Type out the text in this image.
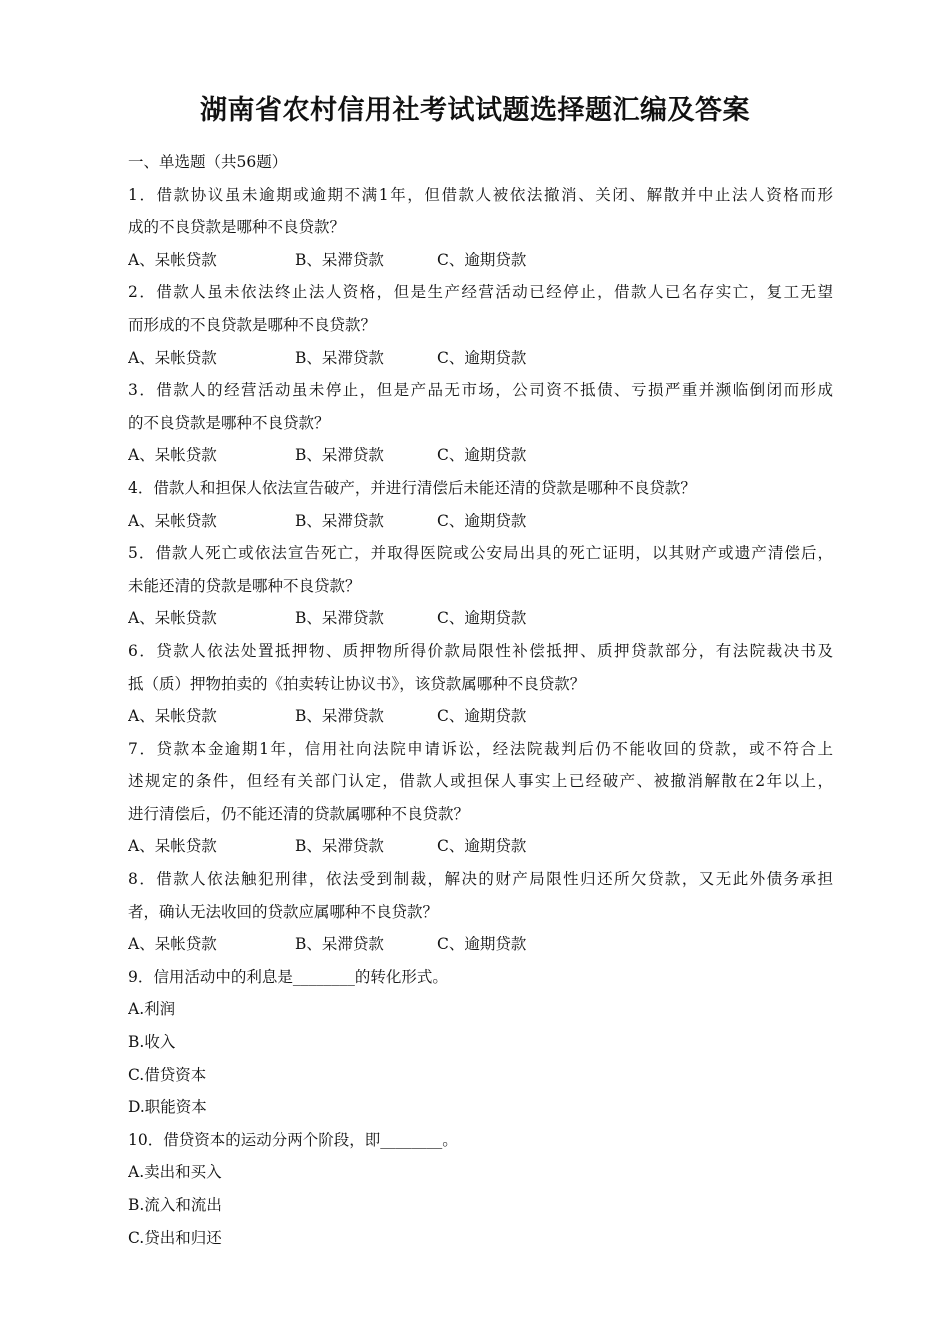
湖南省农村信用社考试试题选择题汇编及答案
一、单选题（共56题）
1．借款协议虽未逾期或逾期不满1年，但借款人被依法撤消、关闭、解散并中止法人资格而形
成的不良贷款是哪种不良贷款？
A、呆帐贷款	B、呆滞贷款	C、逾期贷款
2．借款人虽未依法终止法人资格，但是生产经营活动已经停止，借款人已名存实亡，复工无望
而形成的不良贷款是哪种不良贷款？
A、呆帐贷款	B、呆滞贷款	C、逾期贷款
3．借款人的经营活动虽未停止，但是产品无市场，公司资不抵债、亏损严重并濒临倒闭而形成
的不良贷款是哪种不良贷款？
A、呆帐贷款	B、呆滞贷款	C、逾期贷款
4．借款人和担保人依法宣告破产，并进行清偿后未能还清的贷款是哪种不良贷款？
A、呆帐贷款	B、呆滞贷款	C、逾期贷款
5．借款人死亡或依法宣告死亡，并取得医院或公安局出具的死亡证明，以其财产或遗产清偿后，
未能还清的贷款是哪种不良贷款？
A、呆帐贷款	B、呆滞贷款	C、逾期贷款
6．贷款人依法处置抵押物、质押物所得价款局限性补偿抵押、质押贷款部分，有法院裁决书及
抵（质）押物拍卖的《拍卖转让协议书》，该贷款属哪种不良贷款？
A、呆帐贷款	B、呆滞贷款	C、逾期贷款
7．贷款本金逾期1年，信用社向法院申请诉讼，经法院裁判后仍不能收回的贷款，或不符合上
述规定的条件，但经有关部门认定，借款人或担保人事实上已经破产、被撤消解散在2年以上，
进行清偿后，仍不能还清的贷款属哪种不良贷款？
A、呆帐贷款	B、呆滞贷款	C、逾期贷款
8．借款人依法触犯刑律，依法受到制裁，解决的财产局限性归还所欠贷款，又无此外债务承担
者，确认无法收回的贷款应属哪种不良贷款？
A、呆帐贷款	B、呆滞贷款	C、逾期贷款
9．信用活动中的利息是________的转化形式。
A.利润
B.收入
C.借贷资本
D.职能资本
10．借贷资本的运动分两个阶段，即________。
A.卖出和买入
B.流入和流出
C.贷出和归还
